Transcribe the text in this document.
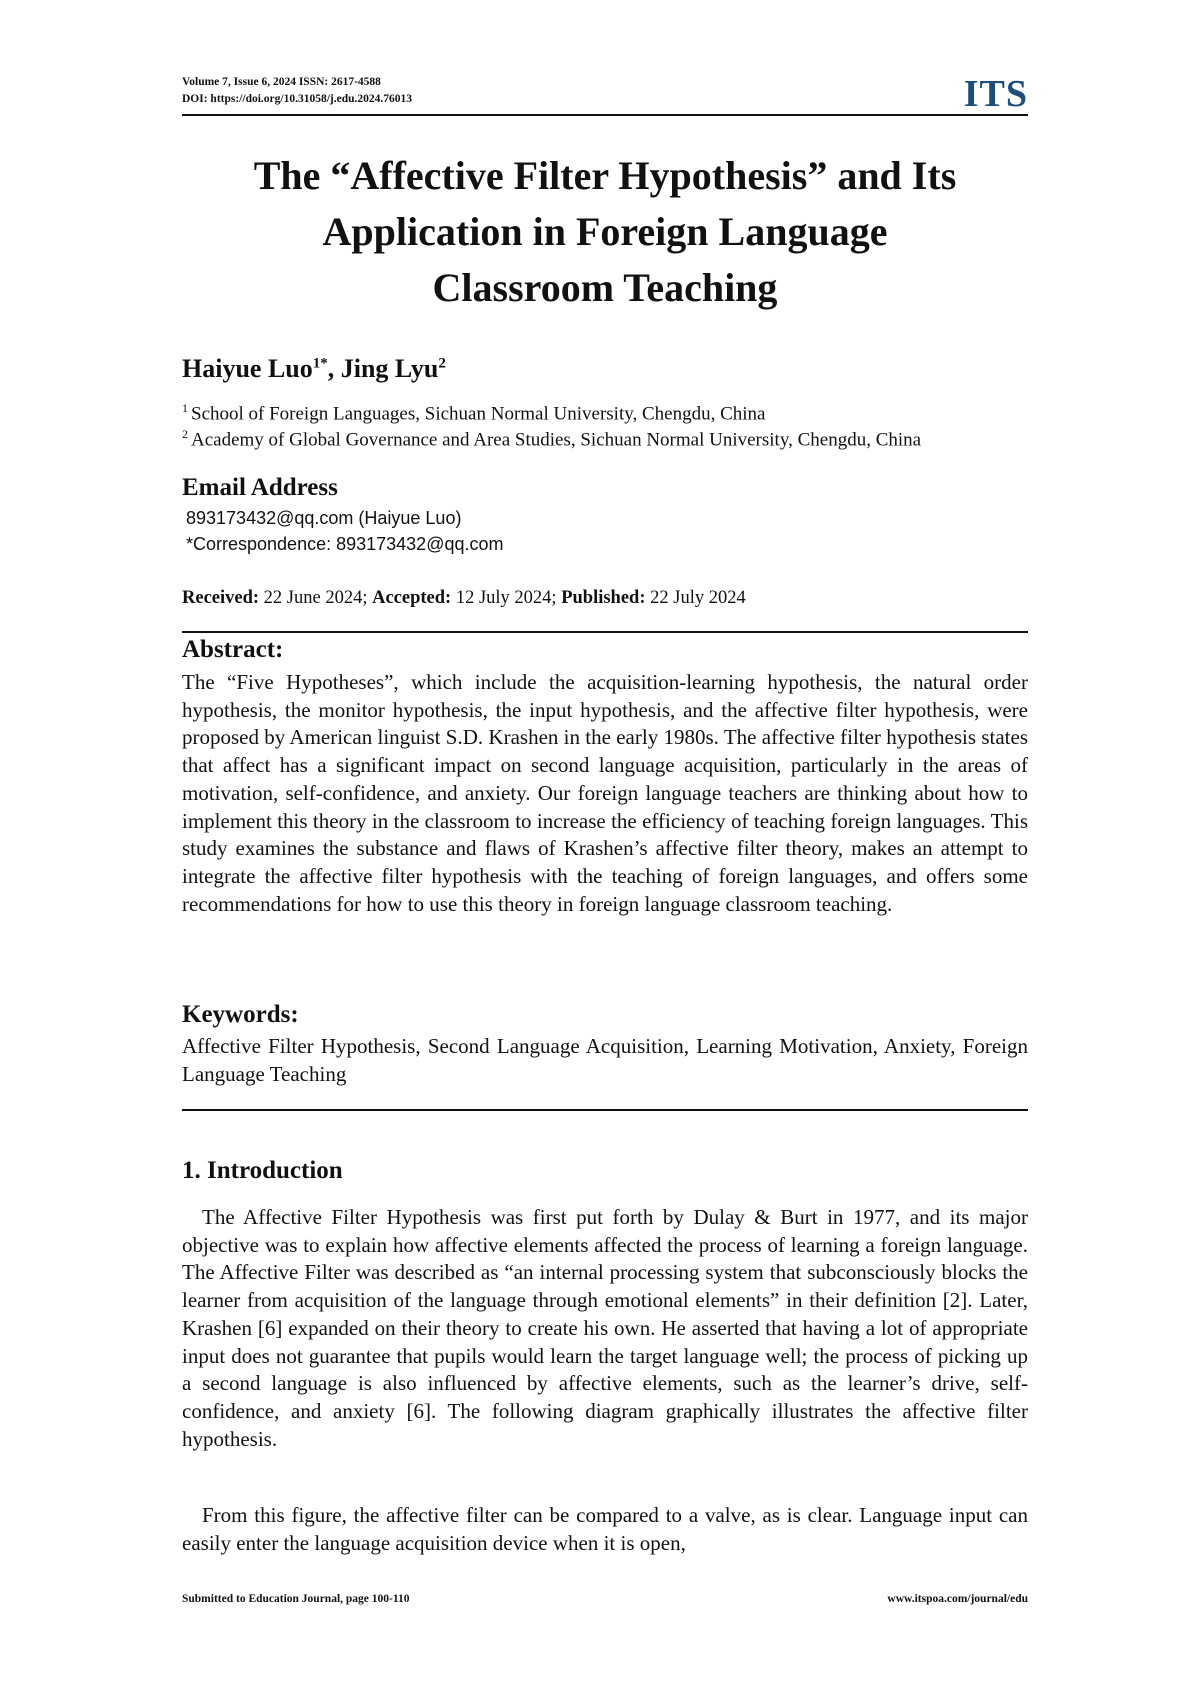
Volume 7, Issue 6, 2024 ISSN: 2617-4588
DOI: https://doi.org/10.31058/j.edu.2024.76013	ITS
The “Affective Filter Hypothesis” and Its
Application in Foreign Language
Classroom Teaching
Haiyue Luo$^{1*}$, Jing Lyu$^2$
$^1$ School of Foreign Languages, Sichuan Normal University, Chengdu, China
$^2$ Academy of Global Governance and Area Studies, Sichuan Normal University, Chengdu, China
Email Address
893173432@qq.com (Haiyue Luo)
*Correspondence: 893173432@qq.com
Received: 22 June 2024; Accepted: 12 July 2024; Published: 22 July 2024
Abstract:
The “Five Hypotheses”, which include the acquisition-learning hypothesis, the natural order hypothesis, the monitor hypothesis, the input hypothesis, and the affective filter hypothesis, were proposed by American linguist S.D. Krashen in the early 1980s. The affective filter hypothesis states that affect has a significant impact on second language acquisition, particularly in the areas of motivation, self-confidence, and anxiety. Our foreign language teachers are thinking about how to implement this theory in the classroom to increase the efficiency of teaching foreign languages. This study examines the substance and flaws of Krashen’s affective filter theory, makes an attempt to integrate the affective filter hypothesis with the teaching of foreign languages, and offers some recommendations for how to use this theory in foreign language classroom teaching.
Keywords:
Affective Filter Hypothesis, Second Language Acquisition, Learning Motivation, Anxiety, Foreign Language Teaching
1. Introduction
The Affective Filter Hypothesis was first put forth by Dulay & Burt in 1977, and its major objective was to explain how affective elements affected the process of learning a foreign language. The Affective Filter was described as “an internal processing system that subconsciously blocks the learner from acquisition of the language through emotional elements” in their definition [2]. Later, Krashen [6] expanded on their theory to create his own. He asserted that having a lot of appropriate input does not guarantee that pupils would learn the target language well; the process of picking up a second language is also influenced by affective elements, such as the learner’s drive, self-confidence, and anxiety [6]. The following diagram graphically illustrates the affective filter hypothesis.
From this figure, the affective filter can be compared to a valve, as is clear. Language input can easily enter the language acquisition device when it is open,
Submitted to Education Journal, page 100-110	www.itspoa.com/journal/edu
